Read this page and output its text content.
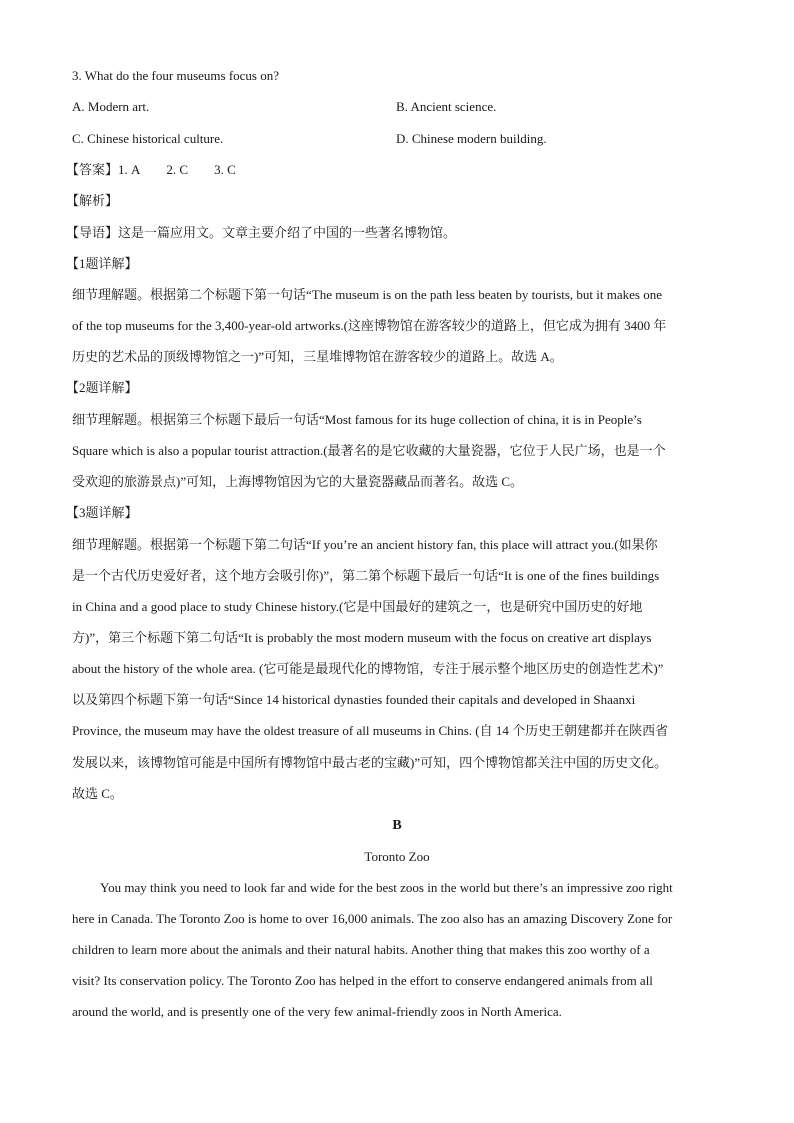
3. What do the four museums focus on?
A. Modern art.	B. Ancient science.
C. Chinese historical culture.	D. Chinese modern building.
【答案】1. A 2. C 3. C
【解析】
【导语】这是一篇应用文。文章主要介绍了中国的一些著名博物馆。
【1题详解】
细节理解题。根据第二个标题下第一句话“The museum is on the path less beaten by tourists, but it makes one
of the top museums for the 3,400-year-old artworks.(这座博物馆在游客较少的道路上，但它成为拥有 3400 年
历史的艺术品的顶级博物馆之一)”可知，三星堆博物馆在游客较少的道路上。故选 A。
【2题详解】
细节理解题。根据第三个标题下最后一句话“Most famous for its huge collection of china, it is in People’s
Square which is also a popular tourist attraction.(最著名的是它收藏的大量瓷器，它位于人民广场，也是一个
受欢迎的旅游景点)”可知，上海博物馆因为它的大量瓷器藏品而著名。故选 C。
【3题详解】
细节理解题。根据第一个标题下第二句话“If you’re an ancient history fan, this place will attract you.(如果你
是一个古代历史爱好者，这个地方会吸引你)”，第二第个标题下最后一句话“It is one of the fines buildings
in China and a good place to study Chinese history.(它是中国最好的建筑之一，也是研究中国历史的好地
方)”，第三个标题下第二句话“It is probably the most modern museum with the focus on creative art displays
about the history of the whole area. (它可能是最现代化的博物馆，专注于展示整个地区历史的创造性艺术)”
以及第四个标题下第一句话“Since 14 historical dynasties founded their capitals and developed in Shaanxi
Province, the museum may have the oldest treasure of all museums in Chins. (自 14 个历史王朝建都并在陕西省
发展以来，该博物馆可能是中国所有博物馆中最古老的宝藏)”可知，四个博物馆都关注中国的历史文化。
故选 C。
B
Toronto Zoo
You may think you need to look far and wide for the best zoos in the world but there’s an impressive zoo right
here in Canada. The Toronto Zoo is home to over 16,000 animals. The zoo also has an amazing Discovery Zone for
children to learn more about the animals and their natural habits. Another thing that makes this zoo worthy of a
visit? Its conservation policy. The Toronto Zoo has helped in the effort to conserve endangered animals from all
around the world, and is presently one of the very few animal-friendly zoos in North America.
